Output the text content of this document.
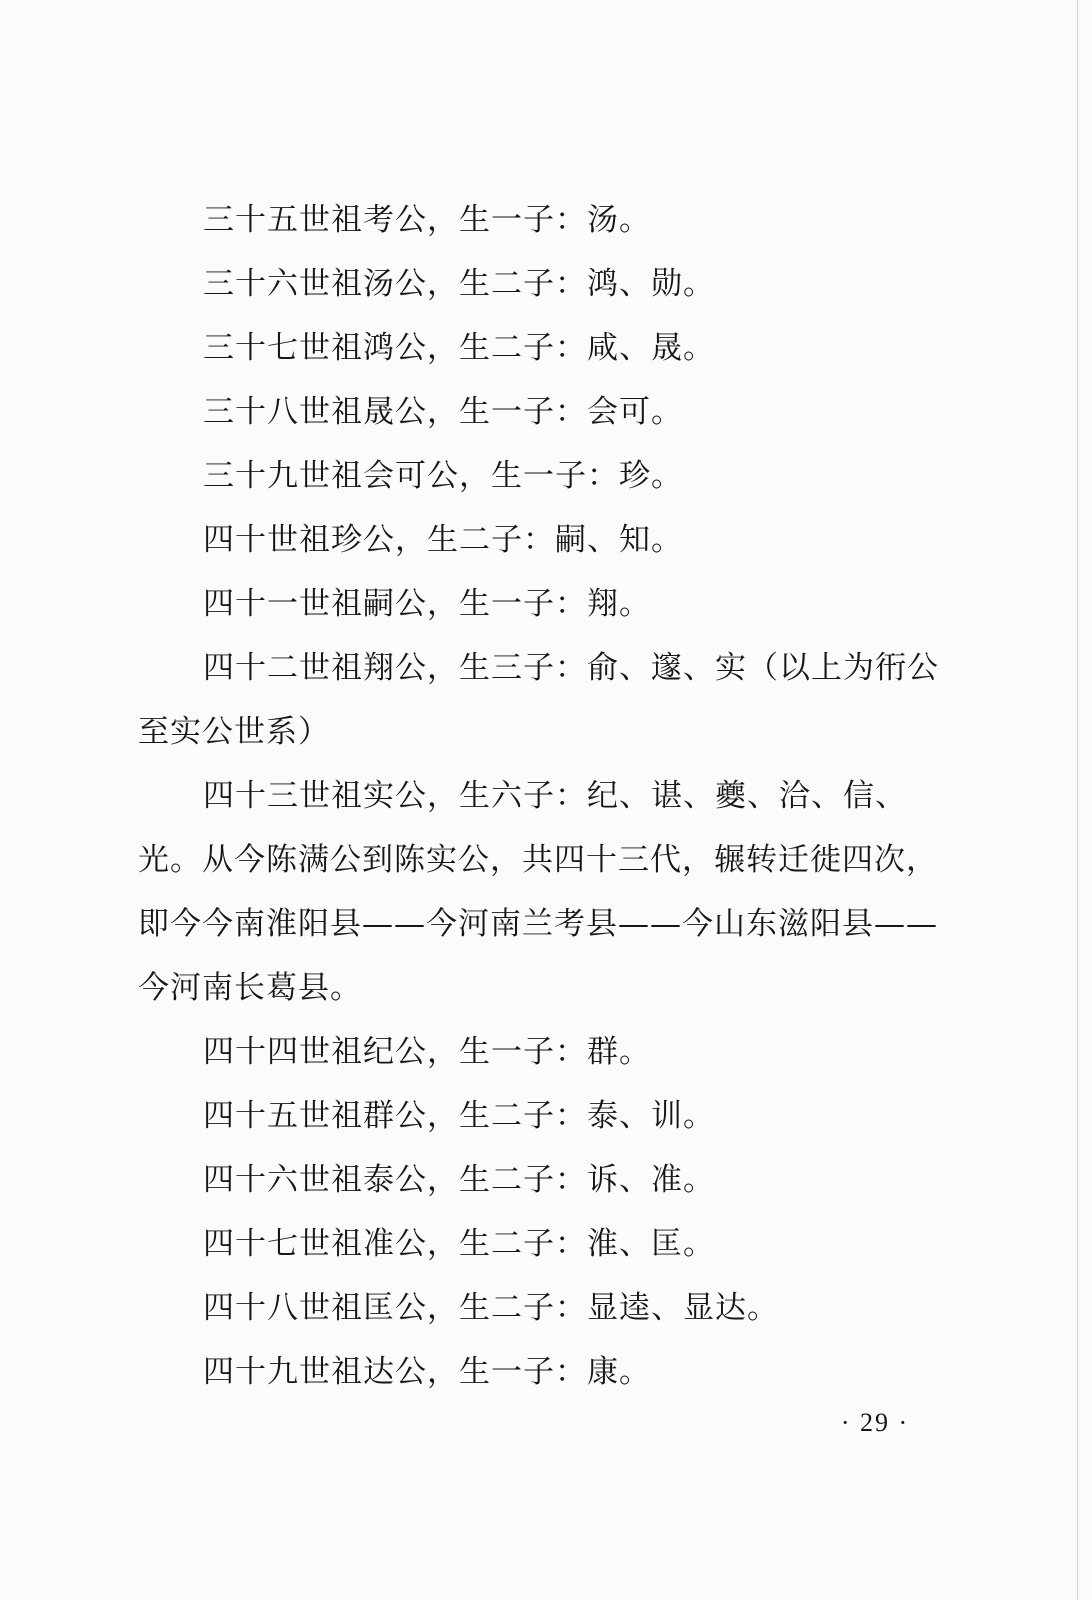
三十五世祖考公，生一子：汤。

三十六世祖汤公，生二子：鸿、勋。

三十七世祖鸿公，生二子：咸、晟。

三十八世祖晟公，生一子：会可。

三十九世祖会可公，生一子：珍。

四十世祖珍公，生二子：嗣、知。

四十一世祖嗣公，生一子：翔。

四十二世祖翔公，生三子：俞、邃、实（以上为衎公至实公世系）

四十三世祖实公，生六子：纪、谌、夔、洽、信、光。从今陈满公到陈实公，共四十三代，辗转迁徙四次，即今今南淮阳县——今河南兰考县——今山东滋阳县——今河南长葛县。

四十四世祖纪公，生一子：群。

四十五世祖群公，生二子：泰、训。

四十六世祖泰公，生二子：诉、准。

四十七世祖准公，生二子：淮、匡。

四十八世祖匡公，生二子：显逵、显达。

四十九世祖达公，生一子：康。

· 29 ·
